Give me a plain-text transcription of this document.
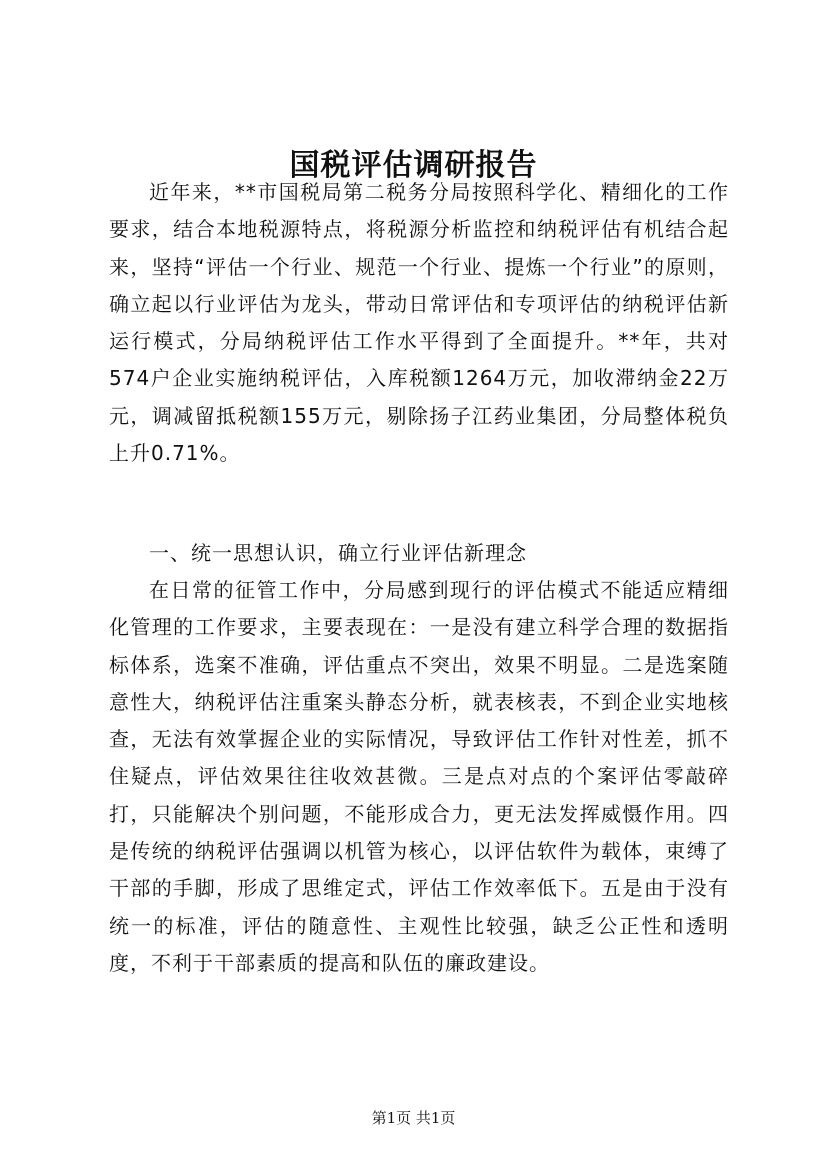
国税评估调研报告

近年来，**市国税局第二税务分局按照科学化、精细化的工作要求，结合本地税源特点，将税源分析监控和纳税评估有机结合起来，坚持“评估一个行业、规范一个行业、提炼一个行业”的原则，确立起以行业评估为龙头，带动日常评估和专项评估的纳税评估新运行模式，分局纳税评估工作水平得到了全面提升。**年，共对574户企业实施纳税评估，入库税额1264万元，加收滞纳金22万元，调减留抵税额155万元，剔除扬子江药业集团，分局整体税负上升0.71%。

一、统一思想认识，确立行业评估新理念

在日常的征管工作中，分局感到现行的评估模式不能适应精细化管理的工作要求，主要表现在：一是没有建立科学合理的数据指标体系，选案不准确，评估重点不突出，效果不明显。二是选案随意性大，纳税评估注重案头静态分析，就表核表，不到企业实地核查，无法有效掌握企业的实际情况，导致评估工作针对性差，抓不住疑点，评估效果往往收效甚微。三是点对点的个案评估零敲碎打，只能解决个别问题，不能形成合力，更无法发挥威慑作用。四是传统的纳税评估强调以机管为核心，以评估软件为载体，束缚了干部的手脚，形成了思维定式，评估工作效率低下。五是由于没有统一的标准，评估的随意性、主观性比较强，缺乏公正性和透明度，不利于干部素质的提高和队伍的廉政建设。

第1页 共1页
